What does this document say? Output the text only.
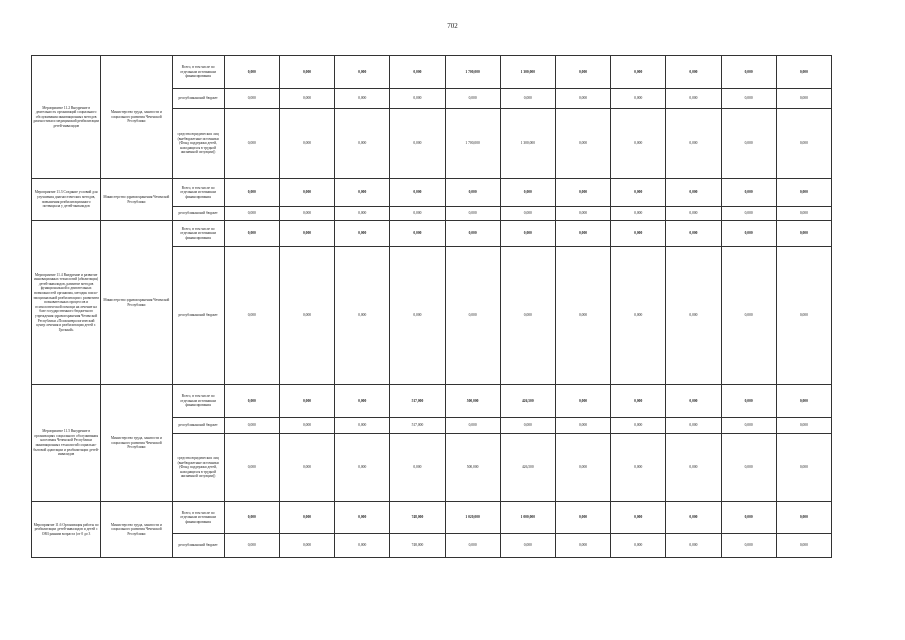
702
Мероприятие 11.2 Внедрение в деятельность организаций социального обслуживания инновационных методов диагностики и медицинской реабилитации детей-инвалидов	Министерство труда, занятости и социального развития Чеченской Республики	Всего, в том числе по отдельным источникам финансирования	0,000	0,000	0,000	0,000	1 700,000	1 300,000	0,000	0,000	0,000	0,000	0,000
		республиканский бюджет	0,000	0,000	0,000	0,000	0,000	0,000	0,000	0,000	0,000	0,000	0,000
		средства юридических лиц (внебюджетные источники (Фонд поддержки детей, находящихся в трудной жизненной ситуации))	0,000	0,000	0,000	0,000	1 700,000	1 300,000	0,000	0,000	0,000	0,000	0,000
Мероприятие 11.3 Создание условий для улучшения диагностических методов, повышения реабилитационного потенциала у детей-инвалидов	Министерство здравоохранения Чеченской Республики	Всего, в том числе по отдельным источникам финансирования	0,000	0,000	0,000	0,000	0,000	0,000	0,000	0,000	0,000	0,000	0,000
		республиканский бюджет	0,000	0,000	0,000	0,000	0,000	0,000	0,000	0,000	0,000	0,000	0,000
Мероприятие 11.4 Внедрение и развитие инновационных технологий (абилитация) детей-инвалидов, развитие методов функциональной и двигательных возможностей организма, методик психо-эмоциональной реабилитации с развитием познавательных процессов и психологической помощи на лечение на базе государственного бюджетного учреждения здравоохранения Чеченской Республики «Психоневрологический центр лечения и реабилитации детей г. Грозный»	Министерство здравоохранения Чеченской Республики	Всего, в том числе по отдельным источникам финансирования	0,000	0,000	0,000	0,000	0,000	0,000	0,000	0,000	0,000	0,000	0,000
		республиканский бюджет	0,000	0,000	0,000	0,000	0,000	0,000	0,000	0,000	0,000	0,000	0,000
Мероприятие 11.5 Внедрение в организациях социального обслуживания населения Чеченской Республики инновационных технологий социально-бытовой адаптации и реабилитации детей-инвалидов	Министерство труда, занятости и социального развития Чеченской Республики	Всего, в том числе по отдельным источникам финансирования	0,000	0,000	0,000	517,000	500,000	426,500	0,000	0,000	0,000	0,000	0,000
		республиканский бюджет	0,000	0,000	0,000	517,000	0,000	0,000	0,000	0,000	0,000	0,000	0,000
		средства юридических лиц (внебюджетные источники (Фонд поддержки детей, находящихся в трудной жизненной ситуации))	0,000	0,000	0,000	0,000	500,000	426,500	0,000	0,000	0,000	0,000	0,000
Мероприятие 11.6 Организация работы по реабилитации детей-инвалидов и детей с ОВЗ ранним возраста (от 0 до 3	Министерство труда, занятости и социального развития Чеченской Республики	Всего, в том числе по отдельным источникам финансирования	0,000	0,000	0,000	748,000	1 020,000	1 000,000	0,000	0,000	0,000	0,000	0,000
		республиканский бюджет	0,000	0,000	0,000	748,000	0,000	0,000	0,000	0,000	0,000	0,000	0,000
